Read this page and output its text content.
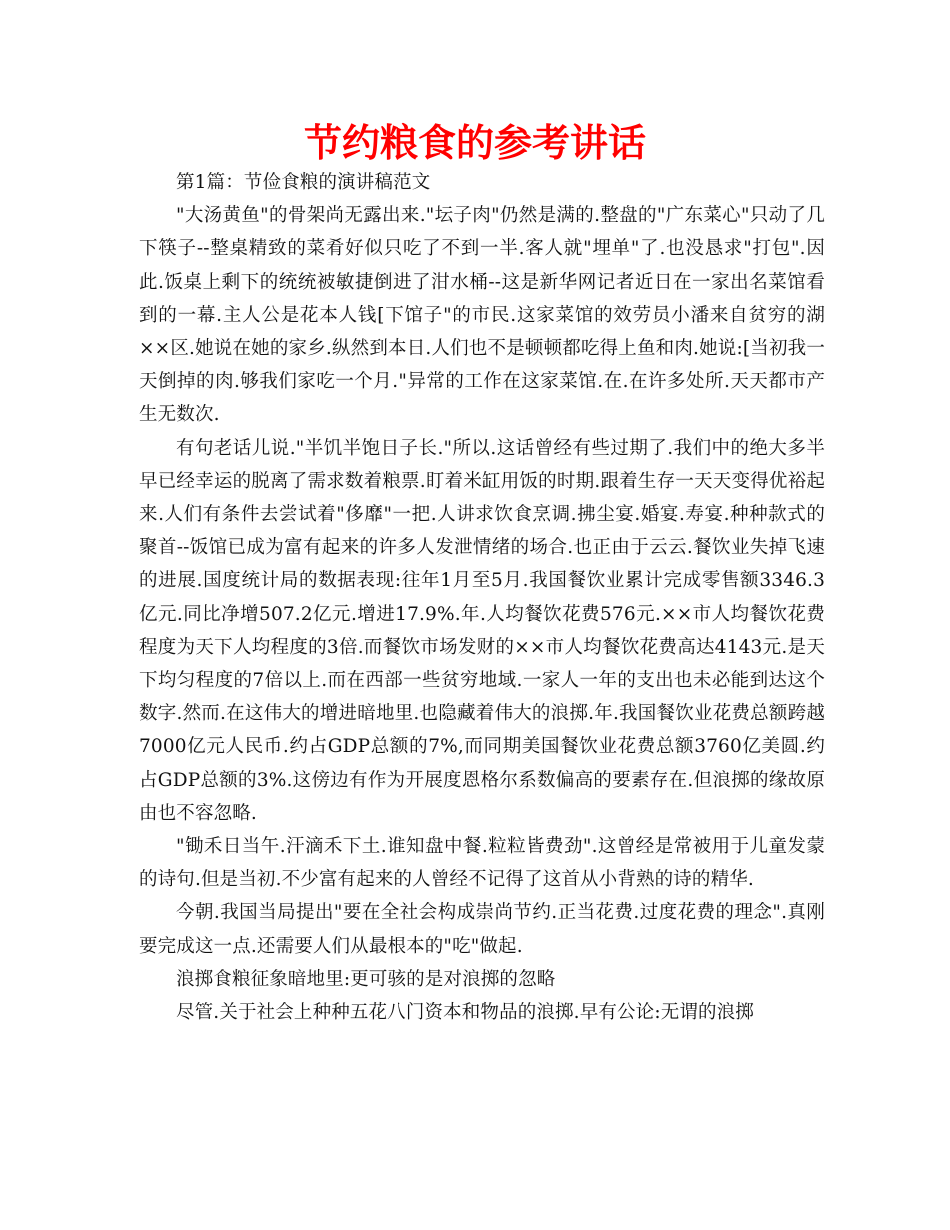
节约粮食的参考讲话

第1篇：节俭食粮的演讲稿范文

"大汤黄鱼"的骨架尚无露出来."坛子肉"仍然是满的.整盘的"广东菜心"只动了几下筷子--整桌精致的菜肴好似只吃了不到一半.客人就"埋单"了.也没恳求"打包".因此.饭桌上剩下的统统被敏捷倒进了泔水桶--这是新华网记者近日在一家出名菜馆看到的一幕.主人公是花本人钱[下馆子"的市民.这家菜馆的效劳员小潘来自贫穷的湖××区.她说在她的家乡.纵然到本日.人们也不是顿顿都吃得上鱼和肉.她说:[当初我一天倒掉的肉.够我们家吃一个月."异常的工作在这家菜馆.在.在许多处所.天天都市产生无数次.

有句老话儿说."半饥半饱日子长."所以.这话曾经有些过期了.我们中的绝大多半早已经幸运的脱离了需求数着粮票.盯着米缸用饭的时期.跟着生存一天天变得优裕起来.人们有条件去尝试着"侈靡"一把.人讲求饮食烹调.拂尘宴.婚宴.寿宴.种种款式的聚首--饭馆已成为富有起来的许多人发泄情绪的场合.也正由于云云.餐饮业失掉飞速的进展.国度统计局的数据表现:往年1月至5月.我国餐饮业累计完成零售额3346.3亿元.同比净增507.2亿元.增进17.9%.年.人均餐饮花费576元.××市人均餐饮花费程度为天下人均程度的3倍.而餐饮市场发财的××市人均餐饮花费高达4143元.是天下均匀程度的7倍以上.而在西部一些贫穷地域.一家人一年的支出也未必能到达这个数字.然而.在这伟大的增进暗地里.也隐藏着伟大的浪掷.年.我国餐饮业花费总额跨越7000亿元人民币.约占GDP总额的7%,而同期美国餐饮业花费总额3760亿美圆.约占GDP总额的3%.这傍边有作为开展度恩格尔系数偏高的要素存在.但浪掷的缘故原由也不容忽略.

"锄禾日当午.汗滴禾下土.谁知盘中餐.粒粒皆费劲".这曾经是常被用于儿童发蒙的诗句.但是当初.不少富有起来的人曾经不记得了这首从小背熟的诗的精华.

今朝.我国当局提出"要在全社会构成崇尚节约.正当花费.过度花费的理念".真刚要完成这一点.还需要人们从最根本的"吃"做起.

浪掷食粮征象暗地里:更可骇的是对浪掷的忽略

尽管.关于社会上种种五花八门资本和物品的浪掷.早有公论:无谓的浪掷
